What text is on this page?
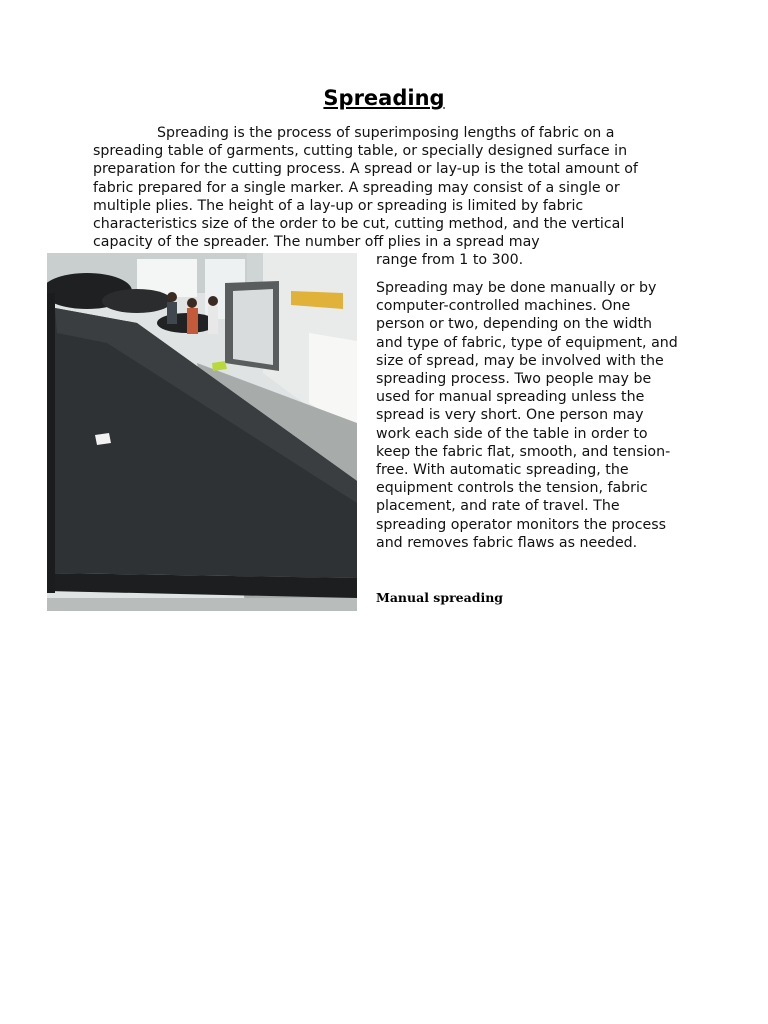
Spreading

Spreading is the process of superimposing lengths of fabric on a spreading table of garments, cutting table, or specially designed surface in preparation for the cutting process. A spread or lay-up is the total amount of fabric prepared for a single marker. A spreading may consist of a single or multiple plies. The height of a lay-up or spreading is limited by fabric characteristics size of the order to be cut, cutting method, and the vertical capacity of the spreader. The number off plies in a spread may

range from 1 to 300.

Spreading may be done manually or by computer-controlled machines. One person or two, depending on the width and type of fabric, type of equipment, and size of spread, may be involved with the spreading process. Two people may be used for manual spreading unless the spread is very short. One person may work each side of the table in order to keep the fabric flat, smooth, and tension-free. With automatic spreading, the equipment controls the tension, fabric placement, and rate of travel. The spreading operator monitors the process and removes fabric flaws as needed.

Manual spreading
